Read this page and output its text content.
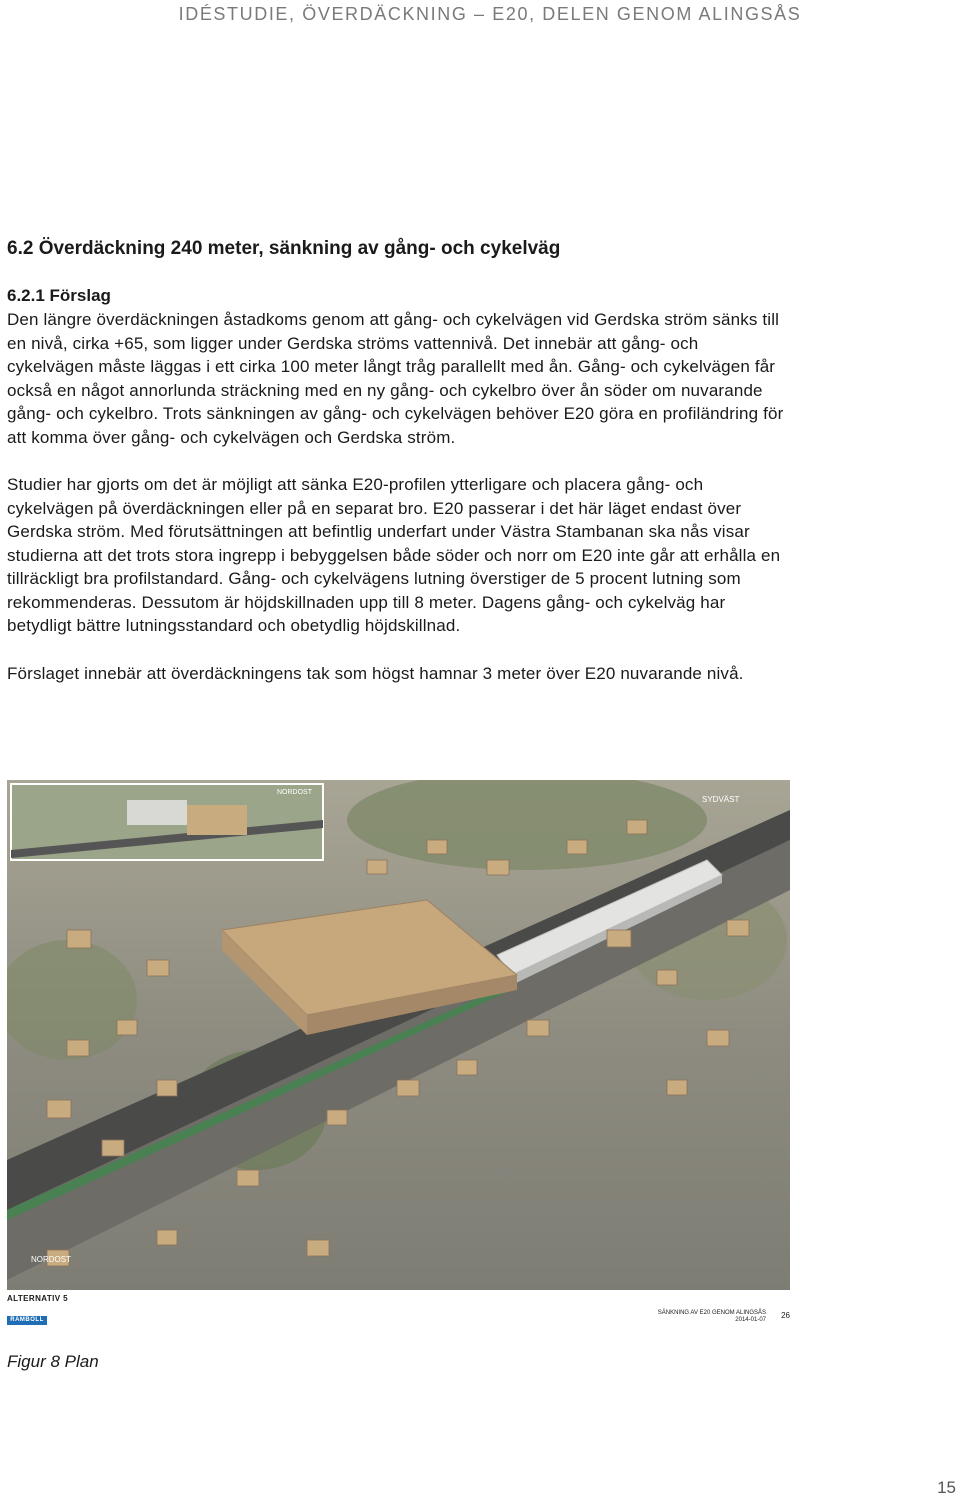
IDÉSTUDIE, ÖVERDÄCKNING – E20, DELEN GENOM ALINGSÅS
6.2 Överdäckning 240 meter, sänkning av gång- och cykelväg
6.2.1 Förslag

Den längre överdäckningen åstadkoms genom att gång- och cykelvägen vid Gerdska ström sänks till en nivå, cirka +65, som ligger under Gerdska ströms vattennivå. Det innebär att gång- och cykelvägen måste läggas i ett cirka 100 meter långt tråg parallellt med ån. Gång- och cykelvägen får också en något annorlunda sträckning med en ny gång- och cykelbro över ån söder om nuvarande gång- och cykelbro. Trots sänkningen av gång- och cykelvägen behöver E20 göra en profiländring för att komma över gång- och cykelvägen och Gerdska ström.

Studier har gjorts om det är möjligt att sänka E20-profilen ytterligare och placera gång- och cykelvägen på överdäckningen eller på en separat bro. E20 passerar i det här läget endast över Gerdska ström. Med förutsättningen att befintlig underfart under Västra Stambanan ska nås visar studierna att det trots stora ingrepp i bebyggelsen både söder och norr om E20 inte går att erhålla en tillräckligt bra profilstandard. Gång- och cykelvägens lutning överstiger de 5 procent lutning som rekommenderas. Dessutom är höjdskillnaden upp till 8 meter. Dagens gång- och cykelväg har betydligt bättre lutningsstandard och obetydlig höjdskillnad.

Förslaget innebär att överdäckningens tak som högst hamnar 3 meter över E20 nuvarande nivå.

NORDOST
SYDVÄST
NORDOST
ALTERNATIV 5
RAMBÖLL
SÄNKNING AV E20 GENOM ALINGSÅS
2014-01-07 26
Figur 8 Plan
15
